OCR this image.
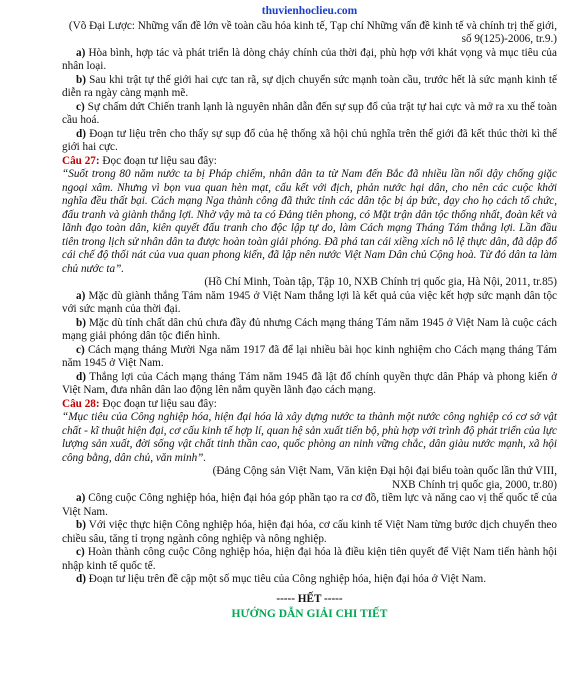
thuvienhoclieu.com

(Võ Đại Lược: Những vấn đề lớn về toàn cầu hóa kinh tế, Tạp chí Những vấn đề kinh tế và chính trị thế giới, số 9(125)-2006, tr.9.)

a) Hòa bình, hợp tác và phát triển là dòng chảy chính của thời đại, phù hợp với khát vọng và mục tiêu của nhân loại.

b) Sau khi trật tự thế giới hai cực tan rã, sự dịch chuyển sức mạnh toàn cầu, trước hết là sức mạnh kinh tế diễn ra ngày càng mạnh mẽ.

c) Sự chấm dứt Chiến tranh lạnh là nguyên nhân dẫn đến sự sụp đổ của trật tự hai cực và mở ra xu thế toàn cầu hoá.

d) Đoạn tư liệu trên cho thấy sự sụp đổ của hệ thống xã hội chủ nghĩa trên thế giới đã kết thúc thời kì thế giới hai cực.

Câu 27: Đọc đoạn tư liệu sau đây:

“Suốt trong 80 năm nước ta bị Pháp chiếm, nhân dân ta từ Nam đến Bắc đã nhiều lần nổi dậy chống giặc ngoại xâm. Nhưng vì bọn vua quan hèn mạt, cấu kết với địch, phản nước hại dân, cho nên các cuộc khởi nghĩa đều thất bại. Cách mạng Nga thành công đã thức tỉnh các dân tộc bị áp bức, dạy cho họ cách tổ chức, đấu tranh và giành thắng lợi. Nhờ vậy mà ta có Đảng tiên phong, có Mặt trận dân tộc thống nhất, đoàn kết và lãnh đạo toàn dân, kiên quyết đấu tranh cho độc lập tự do, làm Cách mạng Tháng Tám thắng lợi. Lần đầu tiên trong lịch sử nhân dân ta được hoàn toàn giải phóng. Đã phá tan cái xiềng xích nô lệ thực dân, đã dập đổ cái chế độ thối nát của vua quan phong kiến, đã lập nên nước Việt Nam Dân chủ Cộng hoà. Từ đó dân ta làm chủ nước ta”.

(Hồ Chí Minh, Toàn tập, Tập 10, NXB Chính trị quốc gia, Hà Nội, 2011, tr.85)

a) Mặc dù giành thắng Tám năm 1945 ở Việt Nam thắng lợi là kết quả của việc kết hợp sức mạnh dân tộc với sức mạnh của thời đại.

b) Mặc dù tính chất dân chủ chưa đầy đủ nhưng Cách mạng tháng Tám năm 1945 ở Việt Nam là cuộc cách mạng giải phóng dân tộc điển hình.

c) Cách mạng tháng Mười Nga năm 1917 đã để lại nhiều bài học kinh nghiệm cho Cách mạng tháng Tám năm 1945 ở Việt Nam.

d) Thắng lợi của Cách mạng tháng Tám năm 1945 đã lật đổ chính quyền thực dân Pháp và phong kiến ở Việt Nam, đưa nhân dân lao động lên nắm quyền lãnh đạo cách mạng.

Câu 28: Đọc đoạn tư liệu sau đây:

“Mục tiêu của Công nghiệp hóa, hiện đại hóa là xây dựng nước ta thành một nước công nghiệp có cơ sở vật chất - kĩ thuật hiện đại, cơ cấu kinh tế hợp lí, quan hệ sản xuất tiến bộ, phù hợp với trình độ phát triển của lực lượng sản xuất, đời sống vật chất tinh thần cao, quốc phòng an ninh vững chắc, dân giàu nước mạnh, xã hội công bằng, dân chủ, văn minh”.

(Đảng Cộng sản Việt Nam, Văn kiện Đại hội đại biểu toàn quốc lần thứ VIII,

NXB Chính trị quốc gia, 2000, tr.80)

a) Công cuộc Công nghiệp hóa, hiện đại hóa góp phần tạo ra cơ đồ, tiềm lực và năng cao vị thế quốc tế của Việt Nam.

b) Với việc thực hiện Công nghiệp hóa, hiện đại hóa, cơ cấu kinh tế Việt Nam từng bước dịch chuyển theo chiều sâu, tăng tỉ trọng ngành công nghiệp và nông nghiệp.

c) Hoàn thành công cuộc Công nghiệp hóa, hiện đại hóa là điều kiện tiên quyết để Việt Nam tiến hành hội nhập kinh tế quốc tế.

d) Đoạn tư liệu trên đề cập một số mục tiêu của Công nghiệp hóa, hiện đại hóa ở Việt Nam.

----- HẾT -----
HƯỚNG DẪN GIẢI CHI TIẾT
